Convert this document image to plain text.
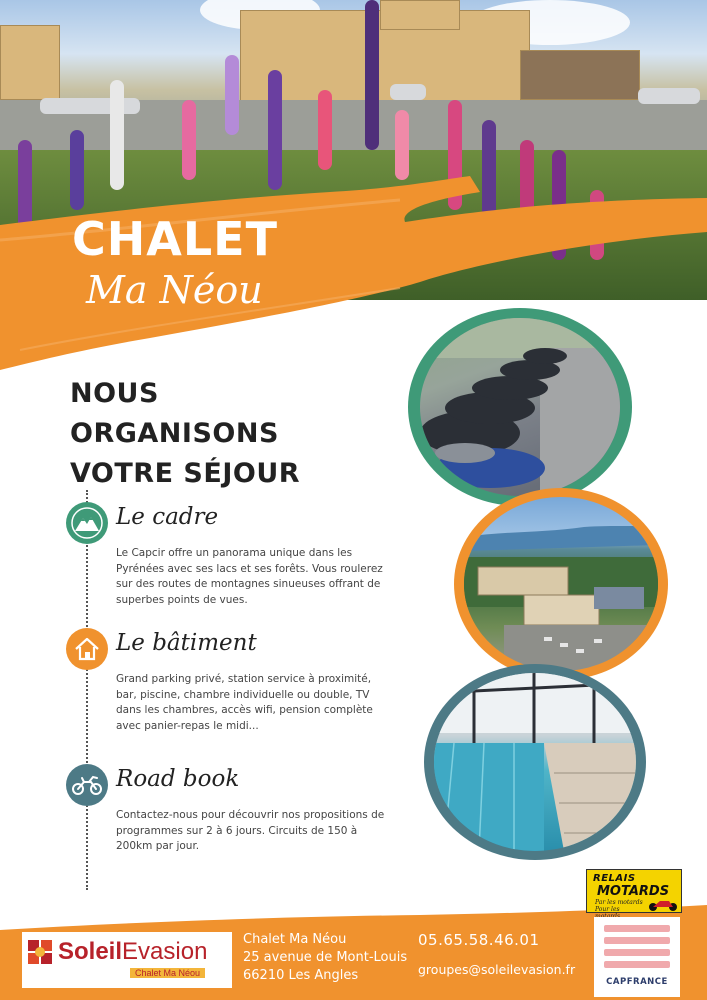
CHALET
Ma Néou
NOUS ORGANISONS
VOTRE SÉJOUR
Le cadre
Le Capcir offre un panorama unique dans les Pyrénées avec ses lacs et ses forêts. Vous roulerez sur des routes de montagnes sinueuses offrant de superbes points de vues.
Le bâtiment
Grand parking privé, station service à proximité, bar, piscine, chambre individuelle ou double, TV dans les chambres, accès wifi, pension complète avec panier-repas le midi...
Road book
Contactez-nous pour découvrir nos propositions de programmes sur 2 à 6 jours. Circuits de 150 à 200km par jour.
SoleilEvasion
Chalet Ma Néou
Chalet Ma Néou
25 avenue de Mont-Louis
66210 Les Angles
05.65.58.46.01
groupes@soleilevasion.fr
RELAIS
MOTARDS
Par les motards Pour les
CAPFRANCE
